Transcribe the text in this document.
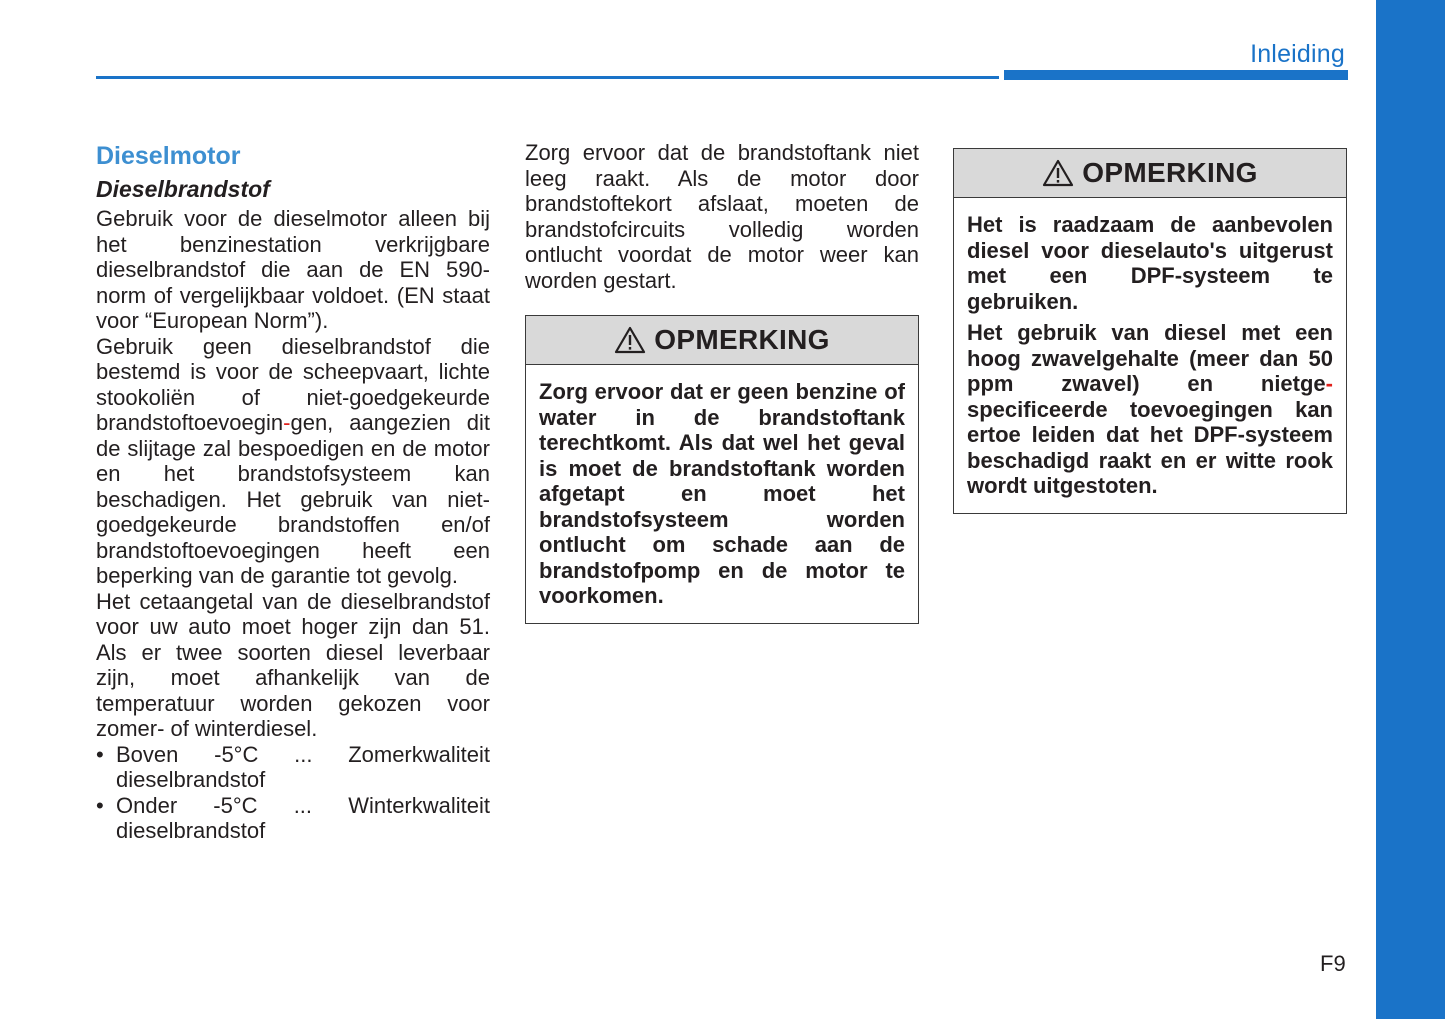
Inleiding
Dieselmotor
Dieselbrandstof

Gebruik voor de dieselmotor alleen bij het benzinestation verkrijgbare dieselbrandstof die aan de EN 590-norm of vergelijkbaar voldoet. (EN staat voor “European Norm”).

Gebruik geen dieselbrandstof die bestemd is voor de scheepvaart, lichte stookoliën of niet-goedgekeurde brandstoftoevoegin-gen, aangezien dit de slijtage zal bespoedigen en de motor en het brandstofsysteem kan beschadigen. Het gebruik van niet-goedgekeurde brandstoffen en/of brandstoftoevoegingen heeft een beperking van de garantie tot gevolg.

Het cetaangetal van de dieselbrandstof voor uw auto moet hoger zijn dan 51. Als er twee soorten diesel leverbaar zijn, moet afhankelijk van de temperatuur worden gekozen voor zomer- of winterdiesel.

• Boven -5°C ... Zomerkwaliteit dieselbrandstof
• Onder -5°C ... Winterkwaliteit dieselbrandstof

Zorg ervoor dat de brandstoftank niet leeg raakt. Als de motor door brandstoftekort afslaat, moeten de brandstofcircuits volledig worden ontlucht voordat de motor weer kan worden gestart.

OPMERKING

Zorg ervoor dat er geen benzine of water in de brandstoftank terechtkomt. Als dat wel het geval is moet de brandstoftank worden afgetapt en moet het brandstofsysteem worden ontlucht om schade aan de brandstofpomp en de motor te voorkomen.

OPMERKING

Het is raadzaam de aanbevolen diesel voor dieselauto's uitgerust met een DPF-systeem te gebruiken.

Het gebruik van diesel met een hoog zwavelgehalte (meer dan 50 ppm zwavel) en nietge-specificeerde toevoegingen kan ertoe leiden dat het DPF-systeem beschadigd raakt en er witte rook wordt uitgestoten.

F9
